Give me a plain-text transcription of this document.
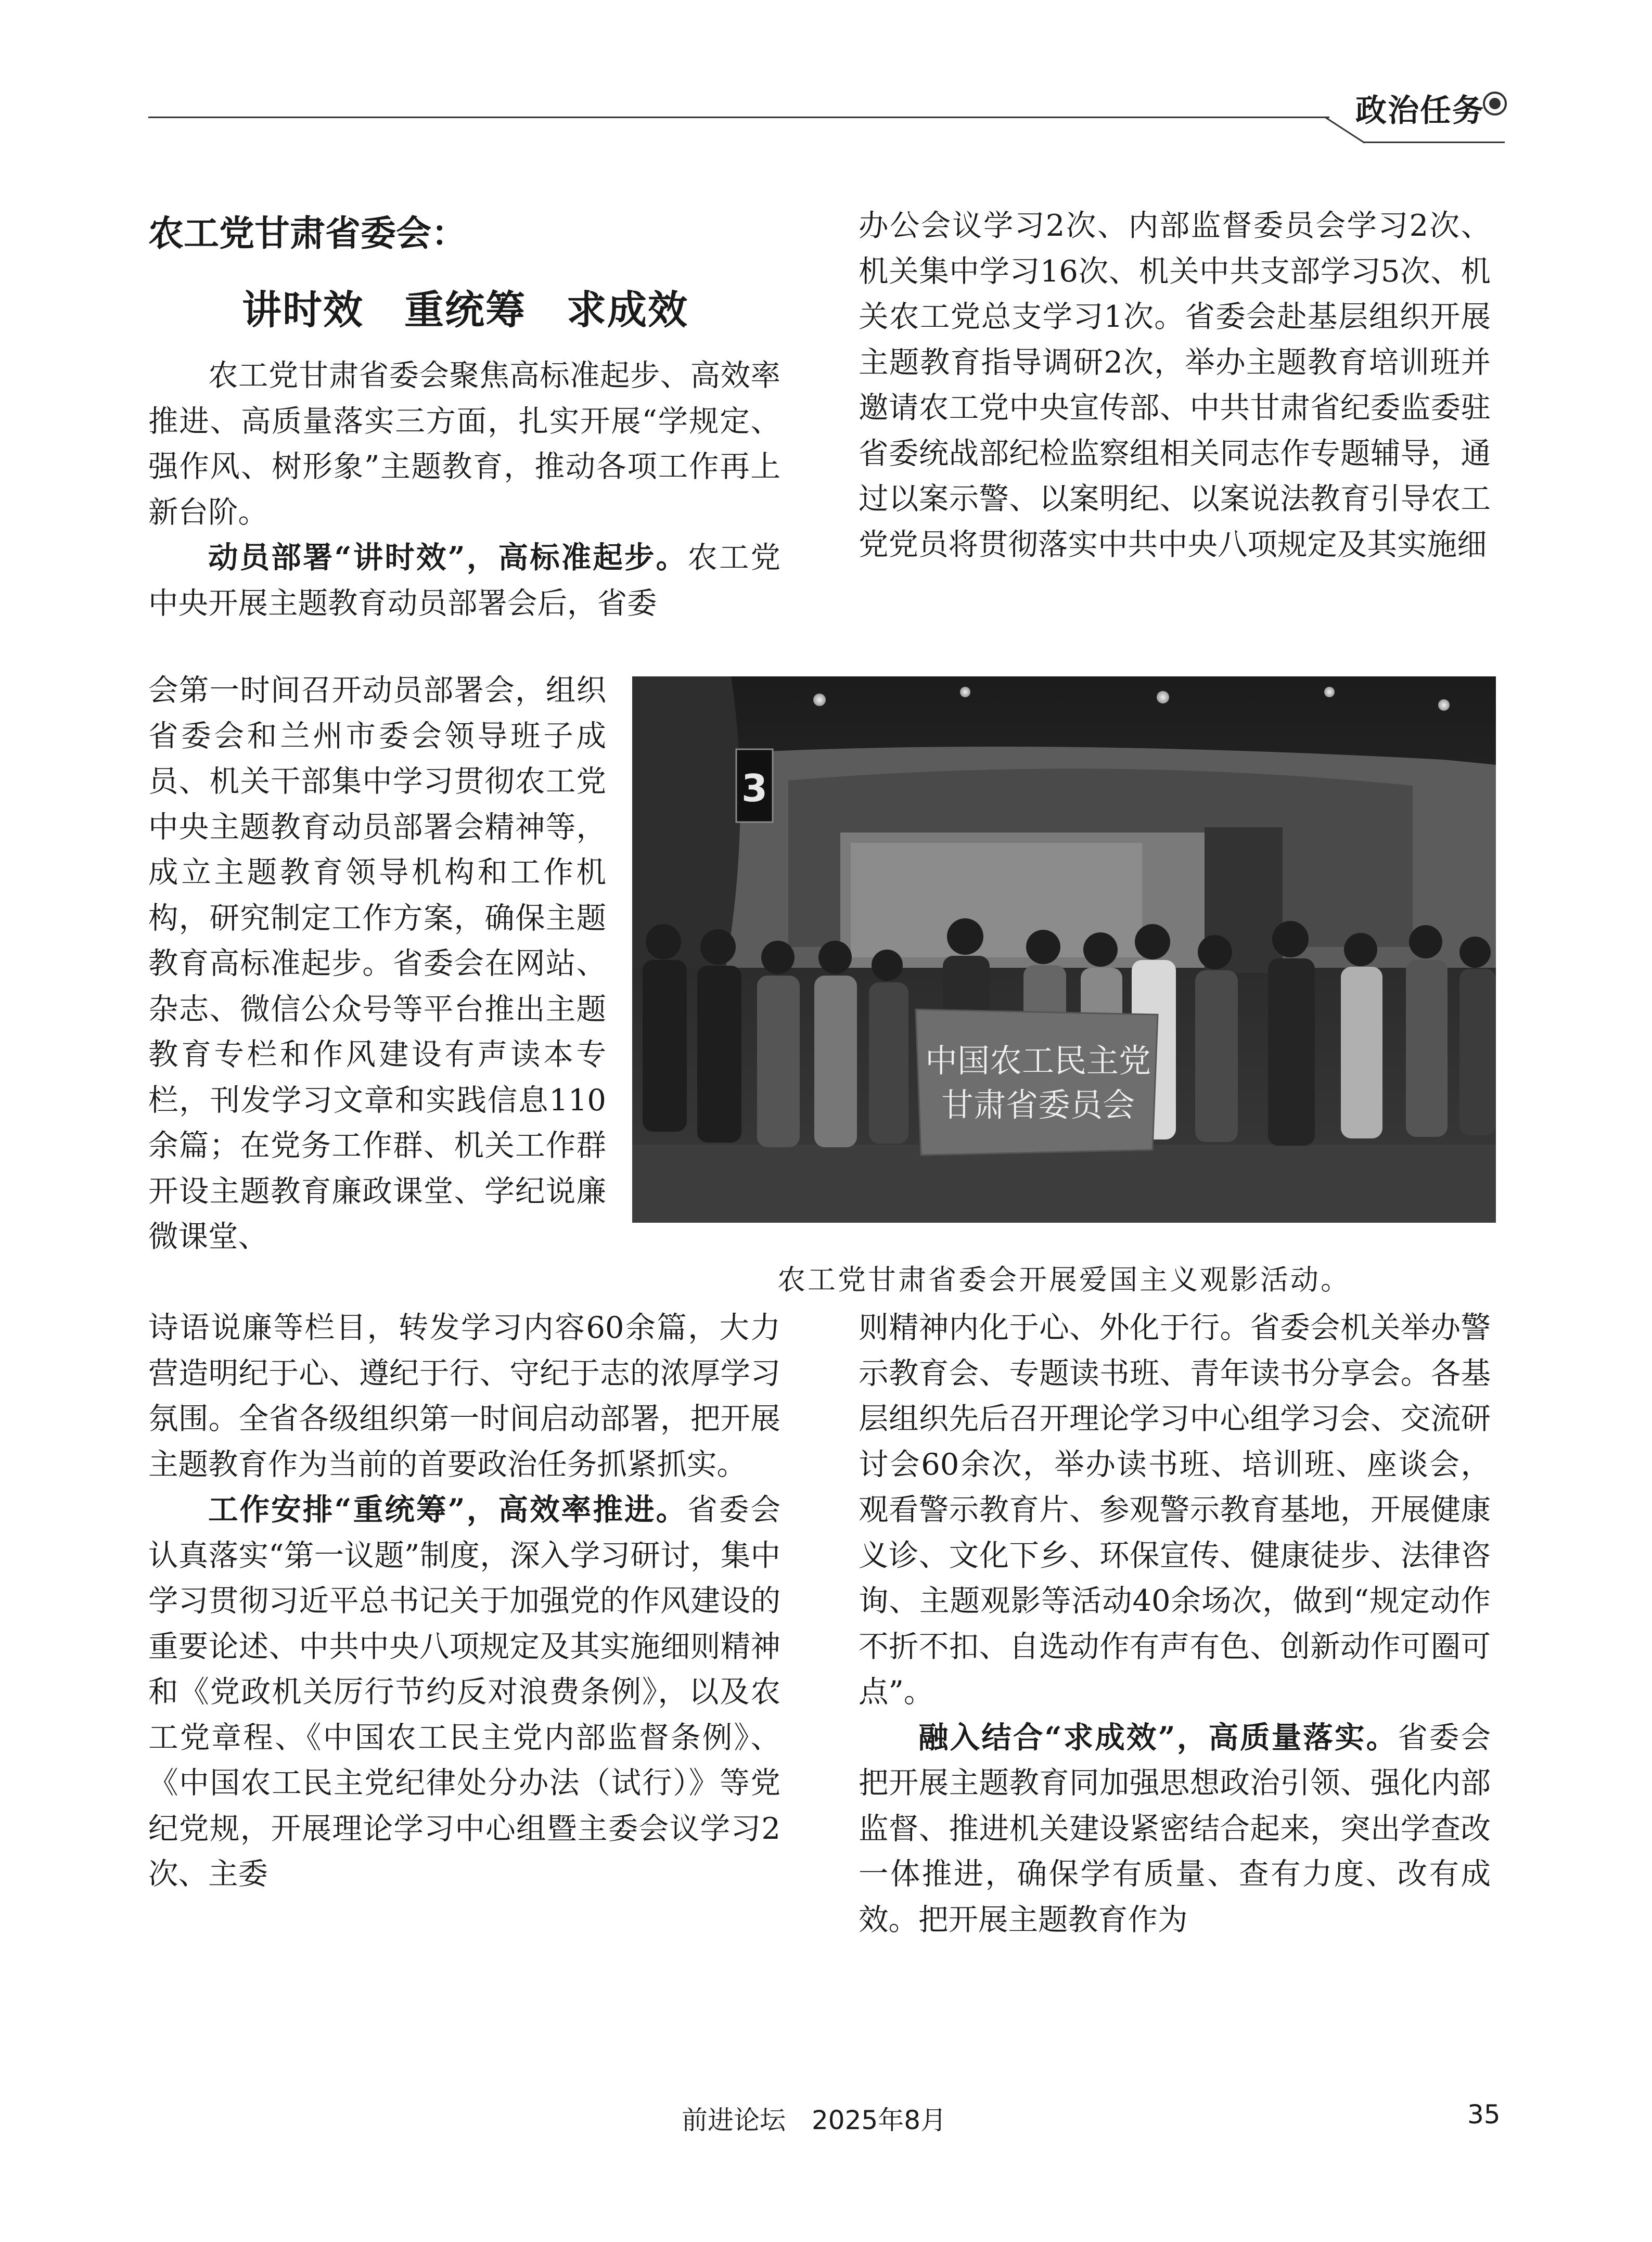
政治任务
农工党甘肃省委会：
讲时效　重统筹　求成效

农工党甘肃省委会聚焦高标准起步、高效率推进、高质量落实三方面，扎实开展“学规定、强作风、树形象”主题教育，推动各项工作再上新台阶。

动员部署“讲时效”，高标准起步。农工党中央开展主题教育动员部署会后，省委

会第一时间召开动员部署会，组织省委会和兰州市委会领导班子成员、机关干部集中学习贯彻农工党中央主题教育动员部署会精神等，成立主题教育领导机构和工作机构，研究制定工作方案，确保主题教育高标准起步。省委会在网站、杂志、微信公众号等平台推出主题教育专栏和作风建设有声读本专栏，刊发学习文章和实践信息110余篇；在党务工作群、机关工作群开设主题教育廉政课堂、学纪说廉微课堂、

诗语说廉等栏目，转发学习内容60余篇，大力营造明纪于心、遵纪于行、守纪于志的浓厚学习氛围。全省各级组织第一时间启动部署，把开展主题教育作为当前的首要政治任务抓紧抓实。

工作安排“重统筹”，高效率推进。省委会认真落实“第一议题”制度，深入学习研讨，集中学习贯彻习近平总书记关于加强党的作风建设的重要论述、中共中央八项规定及其实施细则精神和《党政机关厉行节约反对浪费条例》，以及农工党章程、《中国农工民主党内部监督条例》、《中国农工民主党纪律处分办法（试行）》等党纪党规，开展理论学习中心组暨主委会议学习2次、主委

办公会议学习2次、内部监督委员会学习2次、机关集中学习16次、机关中共支部学习5次、机关农工党总支学习1次。省委会赴基层组织开展主题教育指导调研2次，举办主题教育培训班并邀请农工党中央宣传部、中共甘肃省纪委监委驻省委统战部纪检监察组相关同志作专题辅导，通过以案示警、以案明纪、以案说法教育引导农工党党员将贯彻落实中共中央八项规定及其实施细

则精神内化于心、外化于行。省委会机关举办警示教育会、专题读书班、青年读书分享会。各基层组织先后召开理论学习中心组学习会、交流研讨会60余次，举办读书班、培训班、座谈会，观看警示教育片、参观警示教育基地，开展健康义诊、文化下乡、环保宣传、健康徒步、法律咨询、主题观影等活动40余场次，做到“规定动作不折不扣、自选动作有声有色、创新动作可圈可点”。

融入结合“求成效”，高质量落实。省委会把开展主题教育同加强思想政治引领、强化内部监督、推进机关建设紧密结合起来，突出学查改一体推进，确保学有质量、查有力度、改有成效。把开展主题教育作为

3
中国农工民主党
甘肃省委员会
农工党甘肃省委会开展爱国主义观影活动。
前进论坛 2025年8月	35
